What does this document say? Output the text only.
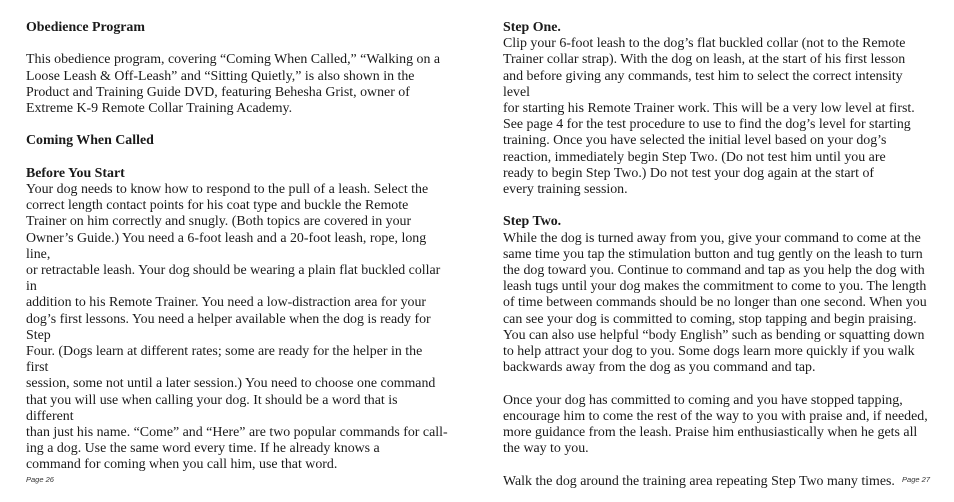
Obedience Program

This obedience program, covering “Coming When Called,” “Walking on a
Loose Leash & Off-Leash” and “Sitting Quietly,” is also shown in the
Product and Training Guide DVD, featuring Behesha Grist, owner of
Extreme K-9 Remote Collar Training Academy.

Coming When Called

Before You Start

Your dog needs to know how to respond to the pull of a leash. Select the
correct length contact points for his coat type and buckle the Remote
Trainer on him correctly and snugly. (Both topics are covered in your
Owner’s Guide.) You need a 6-foot leash and a 20-foot leash, rope, long line,
or retractable leash. Your dog should be wearing a plain flat buckled collar in
addition to his Remote Trainer. You need a low-distraction area for your
dog’s first lessons. You need a helper available when the dog is ready for Step
Four. (Dogs learn at different rates; some are ready for the helper in the first
session, some not until a later session.) You need to choose one command
that you will use when calling your dog. It should be a word that is different
than just his name. “Come” and “Here” are two popular commands for call-
ing a dog. Use the same word every time. If he already knows a
command for coming when you call him, use that word.

Page 26

Step One.

Clip your 6-foot leash to the dog’s flat buckled collar (not to the Remote
Trainer collar strap). With the dog on leash, at the start of his first lesson
and before giving any commands, test him to select the correct intensity level
for starting his Remote Trainer work. This will be a very low level at first.
See page 4 for the test procedure to use to find the dog’s level for starting
training. Once you have selected the initial level based on your dog’s
reaction, immediately begin Step Two. (Do not test him until you are
ready to begin Step Two.) Do not test your dog again at the start of
every training session.

Step Two.

While the dog is turned away from you, give your command to come at the
same time you tap the stimulation button and tug gently on the leash to turn
the dog toward you. Continue to command and tap as you help the dog with
leash tugs until your dog makes the commitment to come to you. The length
of time between commands should be no longer than one second. When you
can see your dog is committed to coming, stop tapping and begin praising.
You can also use helpful “body English” such as bending or squatting down
to help attract your dog to you. Some dogs learn more quickly if you walk
backwards away from the dog as you command and tap.

Once your dog has committed to coming and you have stopped tapping,
encourage him to come the rest of the way to you with praise and, if needed,
more guidance from the leash. Praise him enthusiastically when he gets all
the way to you.

Walk the dog around the training area repeating Step Two many times. Page 27
